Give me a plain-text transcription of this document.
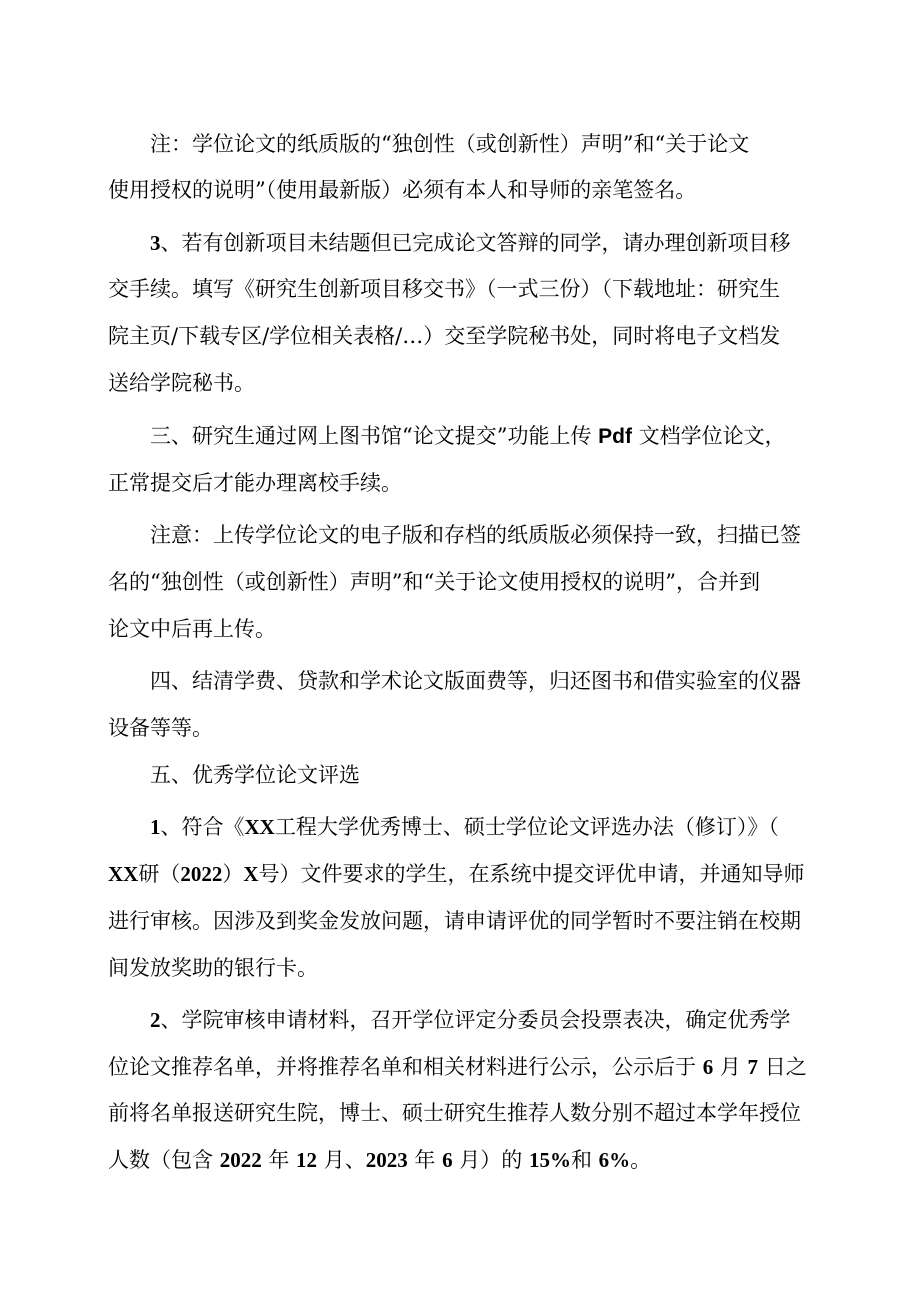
注：学位论文的纸质版的“独创性（或创新性）声明”和“关于论文

使用授权的说明”（使用最新版）必须有本人和导师的亲笔签名。

3、若有创新项目未结题但已完成论文答辩的同学，请办理创新项目移

交手续。填写《研究生创新项目移交书》（一式三份）（下载地址：研究生

院主页/下载专区/学位相关表格/…）交至学院秘书处，同时将电子文档发

送给学院秘书。

三、研究生通过网上图书馆“论文提交”功能上传 Pdf 文档学位论文，

正常提交后才能办理离校手续。

注意：上传学位论文的电子版和存档的纸质版必须保持一致，扫描已签

名的“独创性（或创新性）声明”和“关于论文使用授权的说明”，合并到

论文中后再上传。

四、结清学费、贷款和学术论文版面费等，归还图书和借实验室的仪器

设备等等。

五、优秀学位论文评选

1、符合《XX工程大学优秀博士、硕士学位论文评选办法（修订）》（

XX研（2022）X号）文件要求的学生，在系统中提交评优申请，并通知导师

进行审核。因涉及到奖金发放问题，请申请评优的同学暂时不要注销在校期

间发放奖助的银行卡。

2、学院审核申请材料，召开学位评定分委员会投票表决，确定优秀学

位论文推荐名单，并将推荐名单和相关材料进行公示，公示后于 6 月 7 日之

前将名单报送研究生院，博士、硕士研究生推荐人数分别不超过本学年授位

人数（包含 2022 年 12 月、2023 年 6 月）的 15%和 6%。
